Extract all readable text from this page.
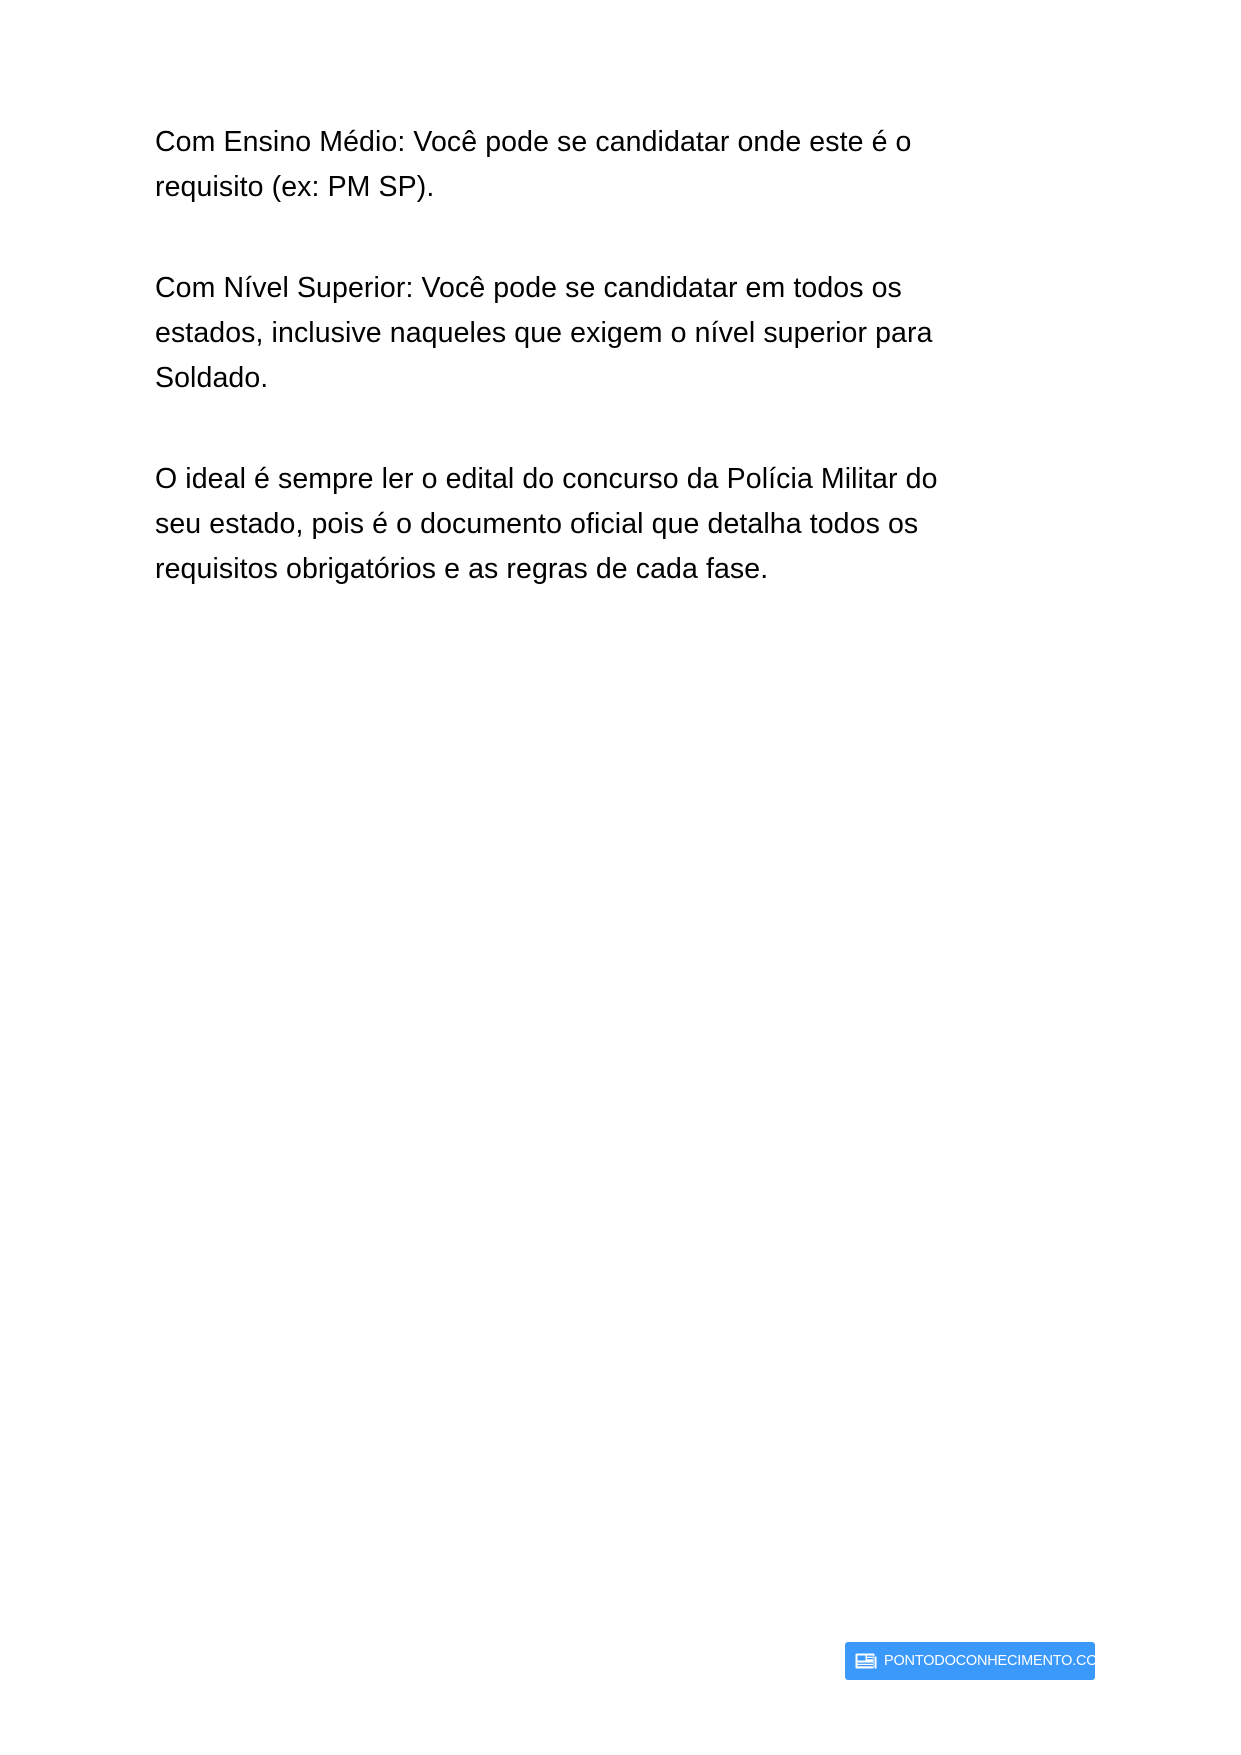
Com Ensino Médio: Você pode se candidatar onde este é o requisito (ex: PM SP).

Com Nível Superior: Você pode se candidatar em todos os estados, inclusive naqueles que exigem o nível superior para Soldado.

O ideal é sempre ler o edital do concurso da Polícia Militar do seu estado, pois é o documento oficial que detalha todos os requisitos obrigatórios e as regras de cada fase.

PONTODOCONHECIMENTO.COM
